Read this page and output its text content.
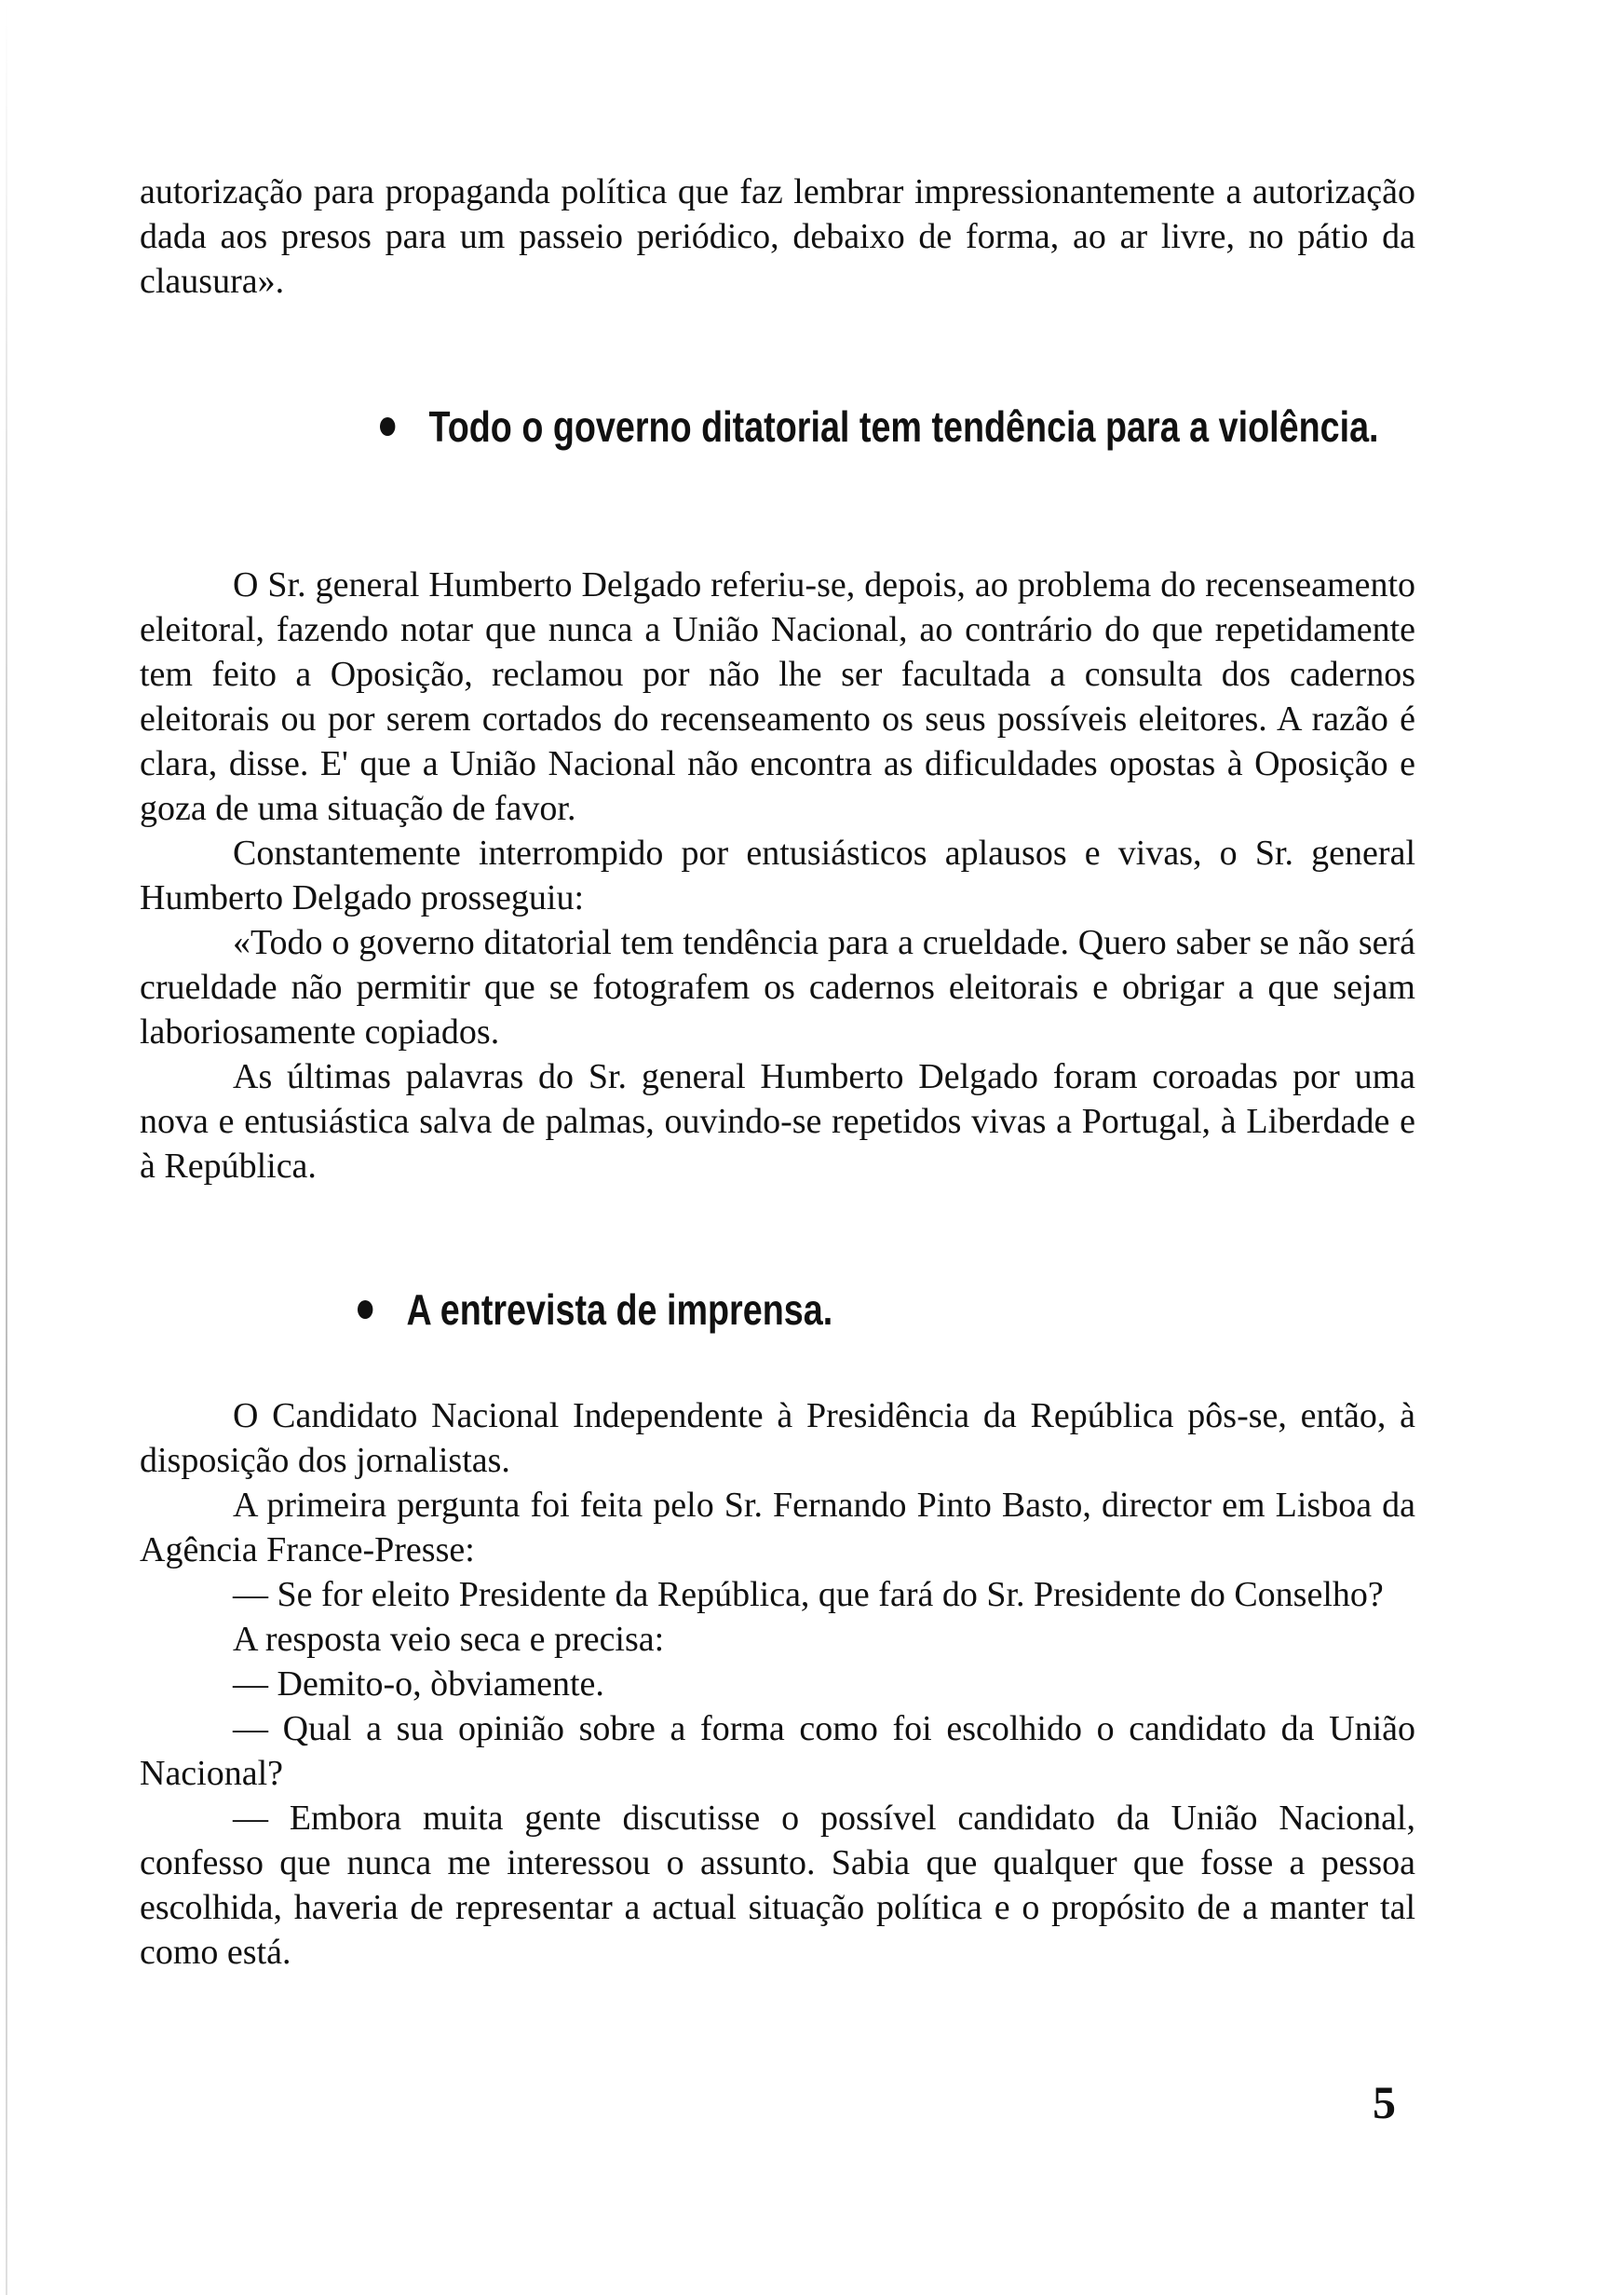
autorização para propaganda política que faz lembrar impressionantemente a autorização dada aos presos para um passeio periódico, debaixo de forma, ao ar livre, no pátio da clausura».

Todo o governo ditatorial tem tendência para a violência.

O Sr. general Humberto Delgado referiu-se, depois, ao problema do recenseamento eleitoral, fazendo notar que nunca a União Nacional, ao contrário do que repetidamente tem feito a Oposição, reclamou por não lhe ser facultada a consulta dos cadernos eleitorais ou por serem cortados do recenseamento os seus possíveis eleitores. A razão é clara, disse. E' que a União Nacional não encontra as dificuldades opostas à Oposição e goza de uma situação de favor.

Constantemente interrompido por entusiásticos aplausos e vivas, o Sr. general Humberto Delgado prosseguiu:

«Todo o governo ditatorial tem tendência para a crueldade. Quero saber se não será crueldade não permitir que se fotografem os cadernos eleitorais e obrigar a que sejam laboriosamente copiados.

As últimas palavras do Sr. general Humberto Delgado foram coroadas por uma nova e entusiástica salva de palmas, ouvindo-se repetidos vivas a Portugal, à Liberdade e à República.

A entrevista de imprensa.

O Candidato Nacional Independente à Presidência da República pôs-se, então, à disposição dos jornalistas.

A primeira pergunta foi feita pelo Sr. Fernando Pinto Basto, director em Lisboa da Agência France-Presse:

— Se for eleito Presidente da República, que fará do Sr. Presidente do Conselho?

A resposta veio seca e precisa:

— Demito-o, òbviamente.

— Qual a sua opinião sobre a forma como foi escolhido o candidato da União Nacional?

— Embora muita gente discutisse o possível candidato da União Nacional, confesso que nunca me interessou o assunto. Sabia que qualquer que fosse a pessoa escolhida, haveria de representar a actual situação política e o propósito de a manter tal como está.

5
